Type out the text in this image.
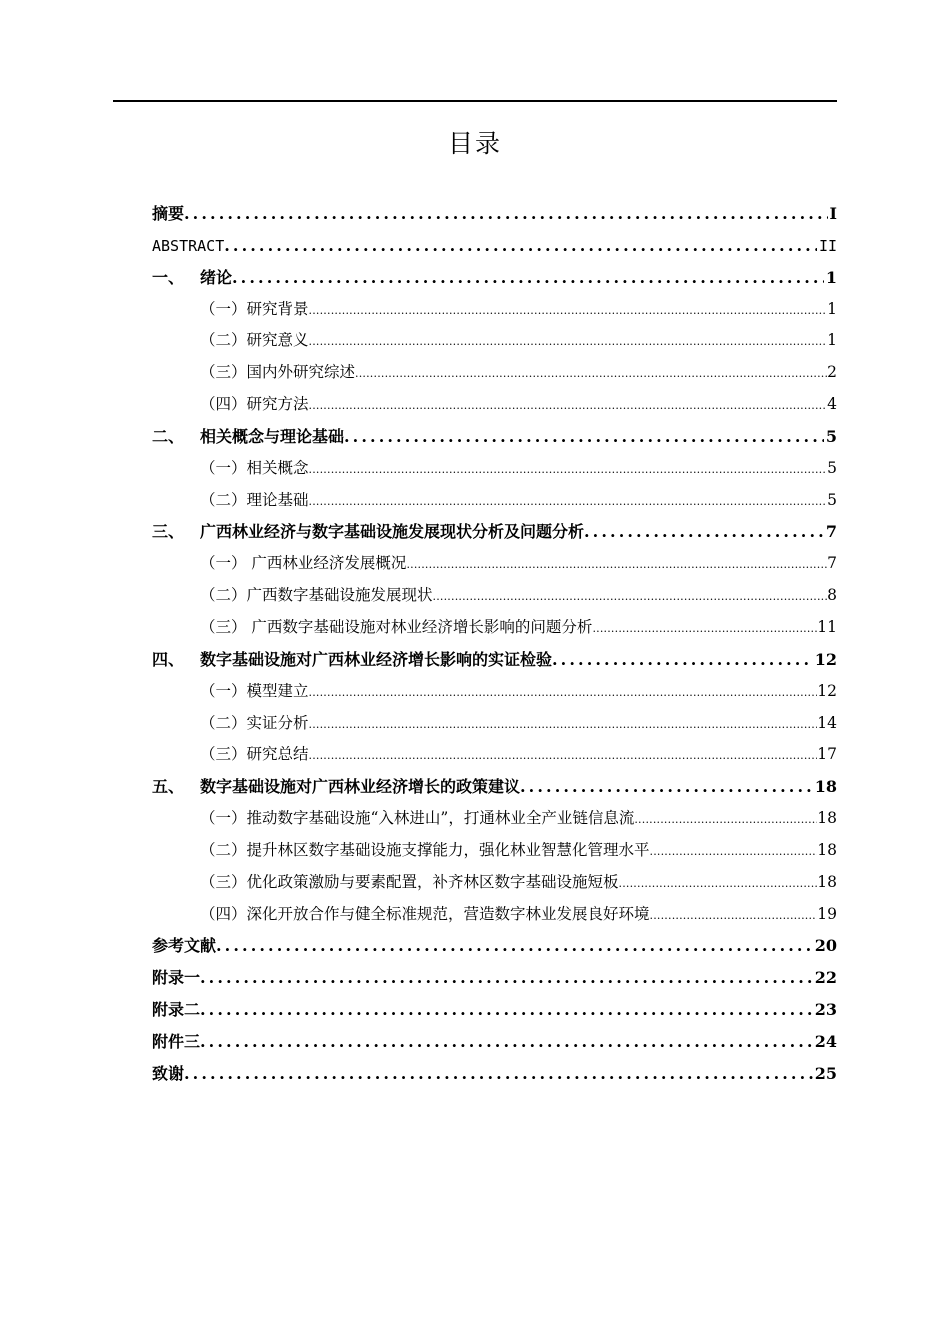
目录
摘要 .....	I
ABSTRACT .....	II
一、 绪论 .....	1
（一）研究背景 .....	1
（二）研究意义 .....	1
（三）国内外研究综述 .....	2
（四）研究方法 .....	4
二、 相关概念与理论基础 .....	5
（一）相关概念 .....	5
（二）理论基础 .....	5
三、 广西林业经济与数字基础设施发展现状分析及问题分析 .....	7
（一） 广西林业经济发展概况 .....	7
（二）广西数字基础设施发展现状 .....	8
（三） 广西数字基础设施对林业经济增长影响的问题分析 .....	11
四、 数字基础设施对广西林业经济增长影响的实证检验 .....	12
（一）模型建立 .....	12
（二）实证分析 .....	14
（三）研究总结 .....	17
五、 数字基础设施对广西林业经济增长的政策建议 .....	18
（一）推动数字基础设施“入林进山”，打通林业全产业链信息流 .....	18
（二）提升林区数字基础设施支撑能力，强化林业智慧化管理水平 .....	18
（三）优化政策激励与要素配置，补齐林区数字基础设施短板 .....	18
（四）深化开放合作与健全标准规范，营造数字林业发展良好环境 .....	19
参考文献 .....	20
附录一 .....	22
附录二 .....	23
附件三 .....	24
致谢 .....	25
